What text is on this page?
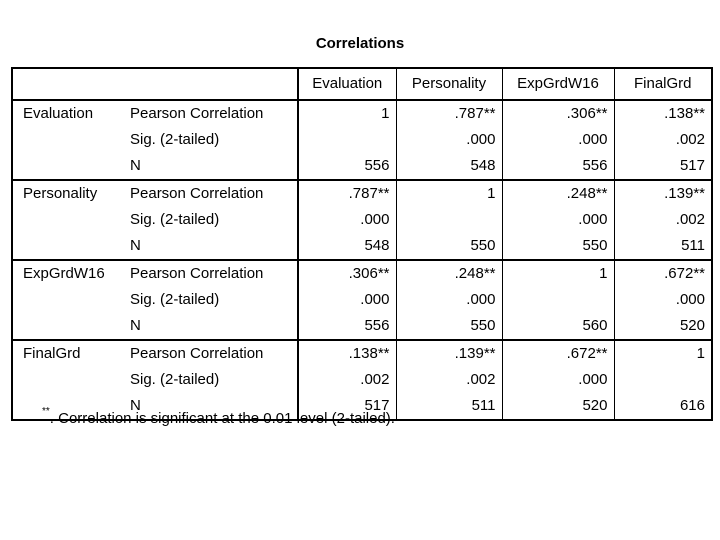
Correlations
		Evaluation	Personality	ExpGrdW16	FinalGrd
Evaluation	Pearson Correlation	1	.787**	.306**	.138**
	Sig. (2-tailed)		.000	.000	.002
	N	556	548	556	517
Personality	Pearson Correlation	.787**	1	.248**	.139**
	Sig. (2-tailed)	.000		.000	.002
	N	548	550	550	511
ExpGrdW16	Pearson Correlation	.306**	.248**	1	.672**
	Sig. (2-tailed)	.000	.000		.000
	N	556	550	560	520
FinalGrd	Pearson Correlation	.138**	.139**	.672**	1
	Sig. (2-tailed)	.002	.002	.000	
	N	517	511	520	616
**. Correlation is significant at the 0.01 level (2-tailed).
